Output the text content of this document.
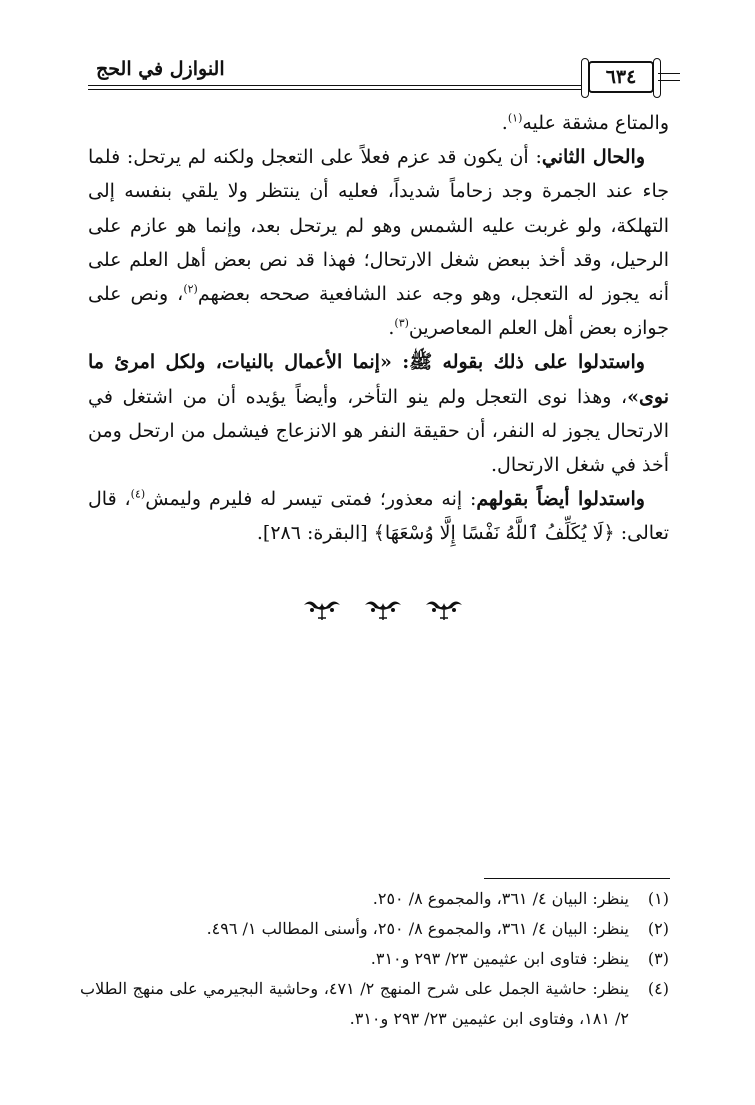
النوازل في الحج	٦٣٤

والمتاع مشقة عليه$^{(١)}$.

والحال الثاني: أن يكون قد عزم فعلاً على التعجل ولكنه لم يرتحل: فلما جاء عند الجمرة وجد زحاماً شديداً، فعليه أن ينتظر ولا يلقي بنفسه إلى التهلكة، ولو غربت عليه الشمس وهو لم يرتحل بعد، وإنما هو عازم على الرحيل، وقد أخذ ببعض شغل الارتحال؛ فهذا قد نص بعض أهل العلم على أنه يجوز له التعجل، وهو وجه عند الشافعية صححه بعضهم$^{(٢)}$، ونص على جوازه بعض أهل العلم المعاصرين$^{(٣)}$.

واستدلوا على ذلك بقوله ﷺ: «إنما الأعمال بالنيات، ولكل امرئ ما نوى»، وهذا نوى التعجل ولم ينو التأخر، وأيضاً يؤيده أن من اشتغل في الارتحال يجوز له النفر، أن حقيقة النفر هو الانزعاج فيشمل من ارتحل ومن أخذ في شغل الارتحال.

واستدلوا أيضاً بقولهم: إنه معذور؛ فمتى تيسر له فليرم وليمش$^{(٤)}$، قال تعالى: ﴿لَا يُكَلِّفُ ٱللَّهُ نَفْسًا إِلَّا وُسْعَهَا﴾ [البقرة: ٢٨٦].

(١)
ينظر: البيان ٤/ ٣٦١، والمجموع ٨/ ٢٥٠.
(٢)
ينظر: البيان ٤/ ٣٦١، والمجموع ٨/ ٢٥٠، وأسنى المطالب ١/ ٤٩٦.
(٣)
ينظر: فتاوى ابن عثيمين ٢٣/ ٢٩٣ و٣١٠.
(٤)
ينظر: حاشية الجمل على شرح المنهج ٢/ ٤٧١، وحاشية البجيرمي على منهج الطلاب ٢/ ١٨١، وفتاوى ابن عثيمين ٢٣/ ٢٩٣ و٣١٠.
